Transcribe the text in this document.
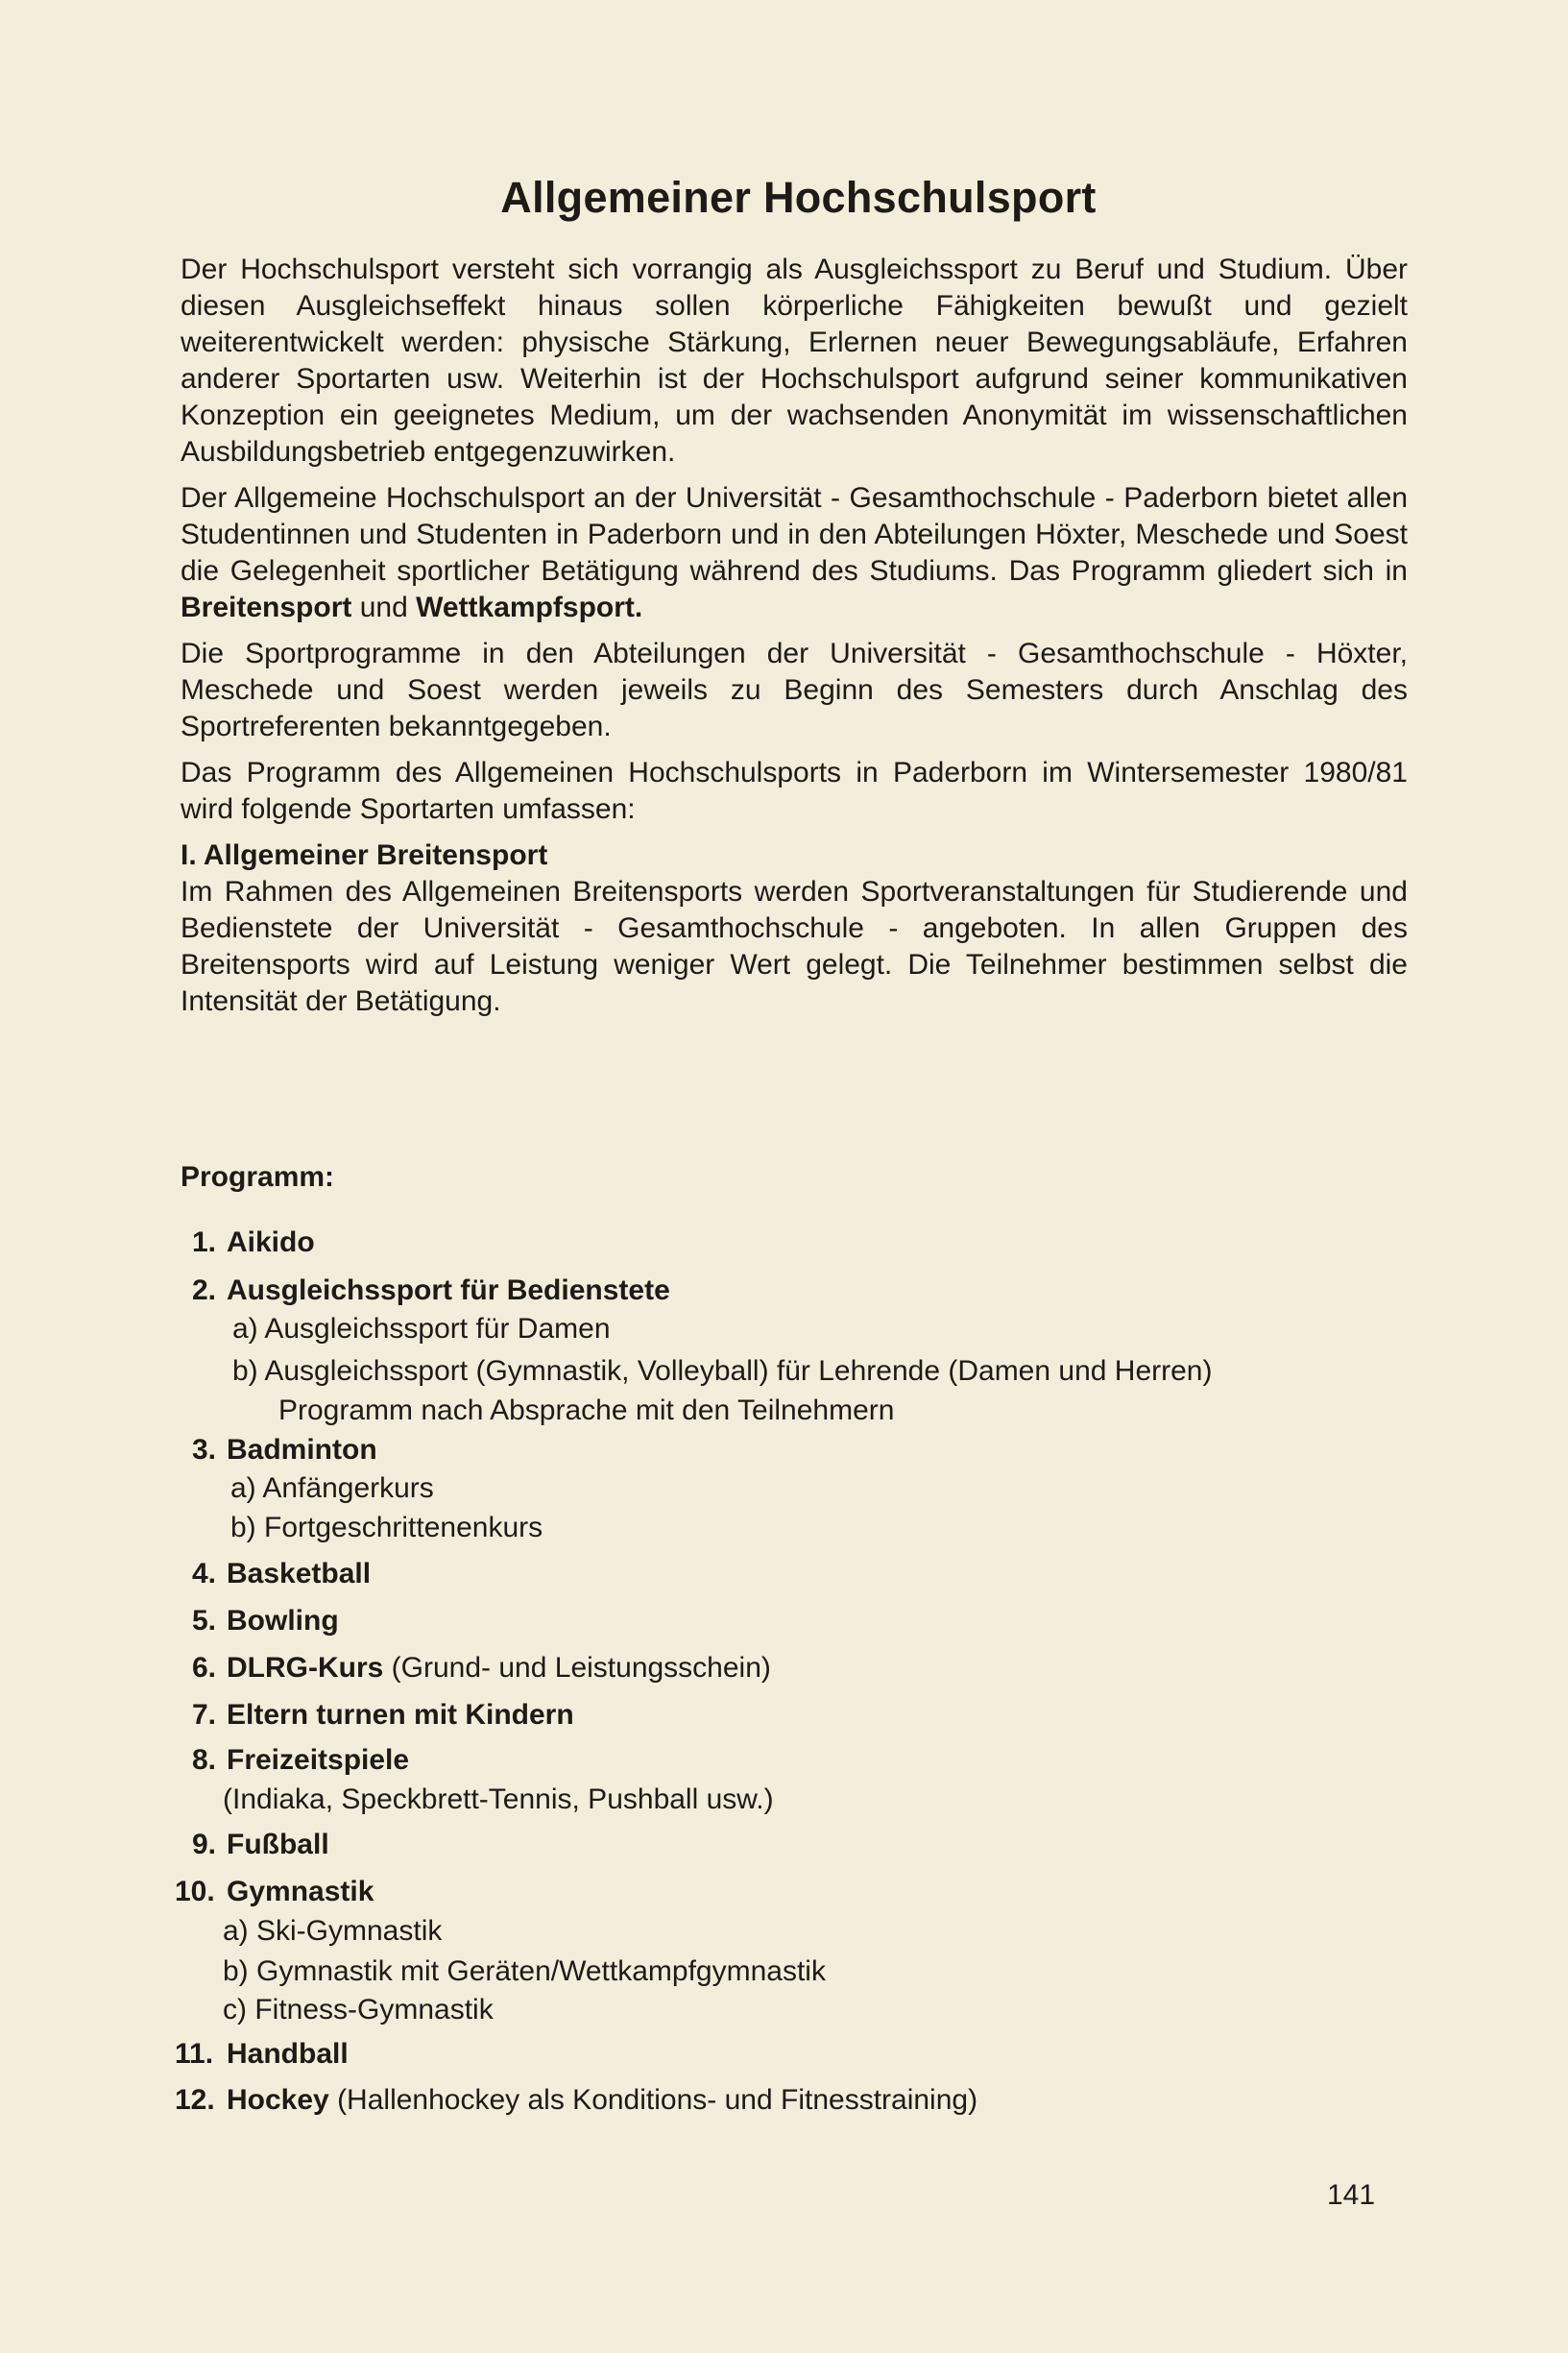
Allgemeiner Hochschulsport

Der Hochschulsport versteht sich vorrangig als Ausgleichssport zu Beruf und Studium. Über diesen Ausgleichseffekt hinaus sollen körperliche Fähigkeiten bewußt und gezielt weiterentwickelt werden: physische Stärkung, Erlernen neuer Bewegungsabläufe, Erfahren anderer Sportarten usw. Weiterhin ist der Hochschulsport aufgrund seiner kommunikativen Konzeption ein geeignetes Medium, um der wachsenden Anonymität im wissenschaftlichen Ausbildungsbetrieb entgegenzuwirken.

Der Allgemeine Hochschulsport an der Universität - Gesamthochschule - Paderborn bietet allen Studentinnen und Studenten in Paderborn und in den Abteilungen Höxter, Meschede und Soest die Gelegenheit sportlicher Betätigung während des Studiums. Das Programm gliedert sich in Breitensport und Wettkampfsport.

Die Sportprogramme in den Abteilungen der Universität - Gesamthochschule - Höxter, Meschede und Soest werden jeweils zu Beginn des Semesters durch Anschlag des Sportreferenten bekanntgegeben.

Das Programm des Allgemeinen Hochschulsports in Paderborn im Wintersemester 1980/81 wird folgende Sportarten umfassen:

I. Allgemeiner Breitensport

Im Rahmen des Allgemeinen Breitensports werden Sportveranstaltungen für Studierende und Bedienstete der Universität - Gesamthochschule - angeboten. In allen Gruppen des Breitensports wird auf Leistung weniger Wert gelegt. Die Teilnehmer bestimmen selbst die Intensität der Betätigung.

Programm:
1. Aikido
2. Ausgleichssport für Bedienstete
a) Ausgleichssport für Damen
b) Ausgleichssport (Gymnastik, Volleyball) für Lehrende (Damen und Herren)
Programm nach Absprache mit den Teilnehmern
3. Badminton
a) Anfängerkurs
b) Fortgeschrittenenkurs
4. Basketball
5. Bowling
6. DLRG-Kurs (Grund- und Leistungsschein)
7. Eltern turnen mit Kindern
8. Freizeitspiele
(Indiaka, Speckbrett-Tennis, Pushball usw.)
9. Fußball
10. Gymnastik
a) Ski-Gymnastik
b) Gymnastik mit Geräten/Wettkampfgymnastik
c) Fitness-Gymnastik
11. Handball
12. Hockey (Hallenhockey als Konditions- und Fitnesstraining)
141
